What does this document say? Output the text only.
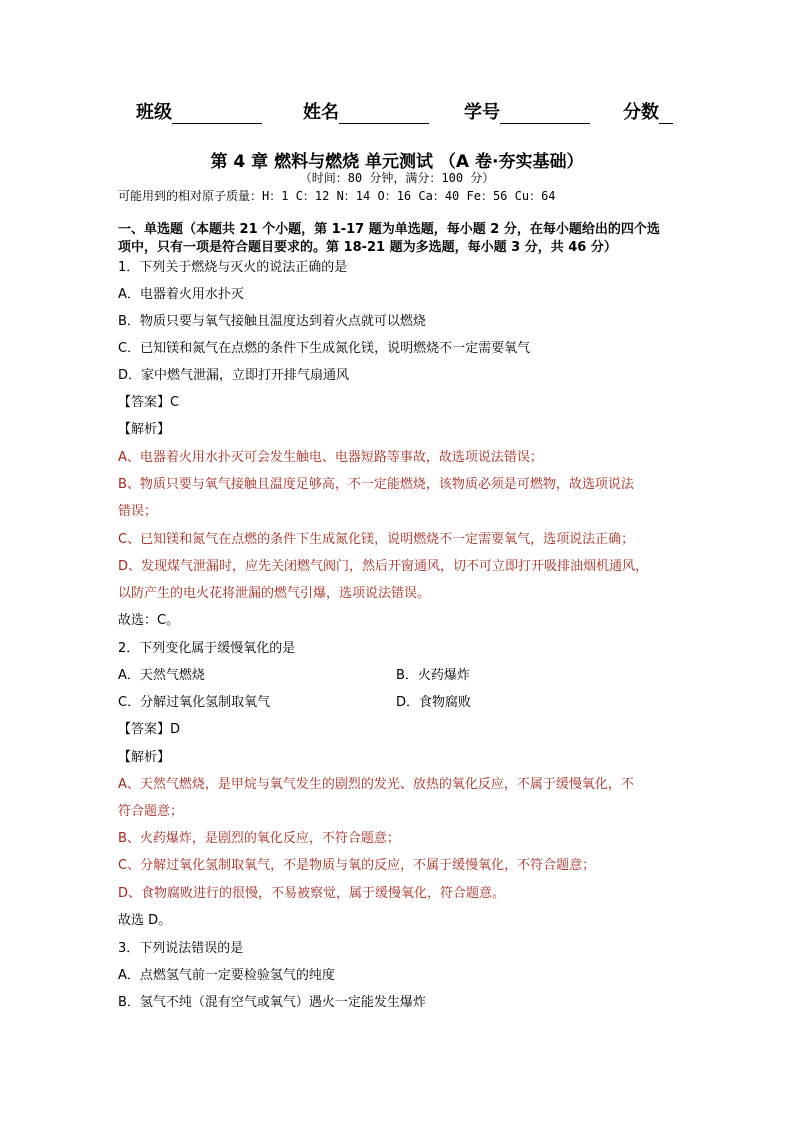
班级	姓名	学号	分数
第 4 章 燃料与燃烧 单元测试 （A 卷·夯实基础）
（时间：80 分钟，满分：100 分）
可能用到的相对原子质量：H：1 C：12 N：14 O：16 Ca：40 Fe：56 Cu：64
一、单选题（本题共 21 个小题，第 1-17 题为单选题，每小题 2 分，在每小题给出的四个选
项中，只有一项是符合题目要求的。第 18-21 题为多选题，每小题 3 分，共 46 分）
1．下列关于燃烧与灭火的说法正确的是
A．电器着火用水扑灭
B．物质只要与氧气接触且温度达到着火点就可以燃烧
C．已知镁和氮气在点燃的条件下生成氮化镁，说明燃烧不一定需要氧气
D．家中燃气泄漏，立即打开排气扇通风
【答案】C
【解析】
A、电器着火用水扑灭可会发生触电、电器短路等事故，故选项说法错误；
B、物质只要与氧气接触且温度足够高，不一定能燃烧，该物质必须是可燃物，故选项说法
错误；
C、已知镁和氮气在点燃的条件下生成氮化镁，说明燃烧不一定需要氧气，选项说法正确；
D、发现煤气泄漏时，应先关闭燃气阀门，然后开窗通风，切不可立即打开吸排油烟机通风，
以防产生的电火花将泄漏的燃气引爆，选项说法错误。
故选：C。
2．下列变化属于缓慢氧化的是
A．天然气燃烧	B．火药爆炸
C．分解过氧化氢制取氧气	D．食物腐败
【答案】D
【解析】
A、天然气燃烧，是甲烷与氧气发生的剧烈的发光、放热的氧化反应，不属于缓慢氧化，不
符合题意；
B、火药爆炸，是剧烈的氧化反应，不符合题意；
C、分解过氧化氢制取氧气，不是物质与氧的反应，不属于缓慢氧化，不符合题意；
D、食物腐败进行的很慢，不易被察觉，属于缓慢氧化，符合题意。
故选 D。
3．下列说法错误的是
A．点燃氢气前一定要检验氢气的纯度
B．氢气不纯（混有空气或氧气）遇火一定能发生爆炸
